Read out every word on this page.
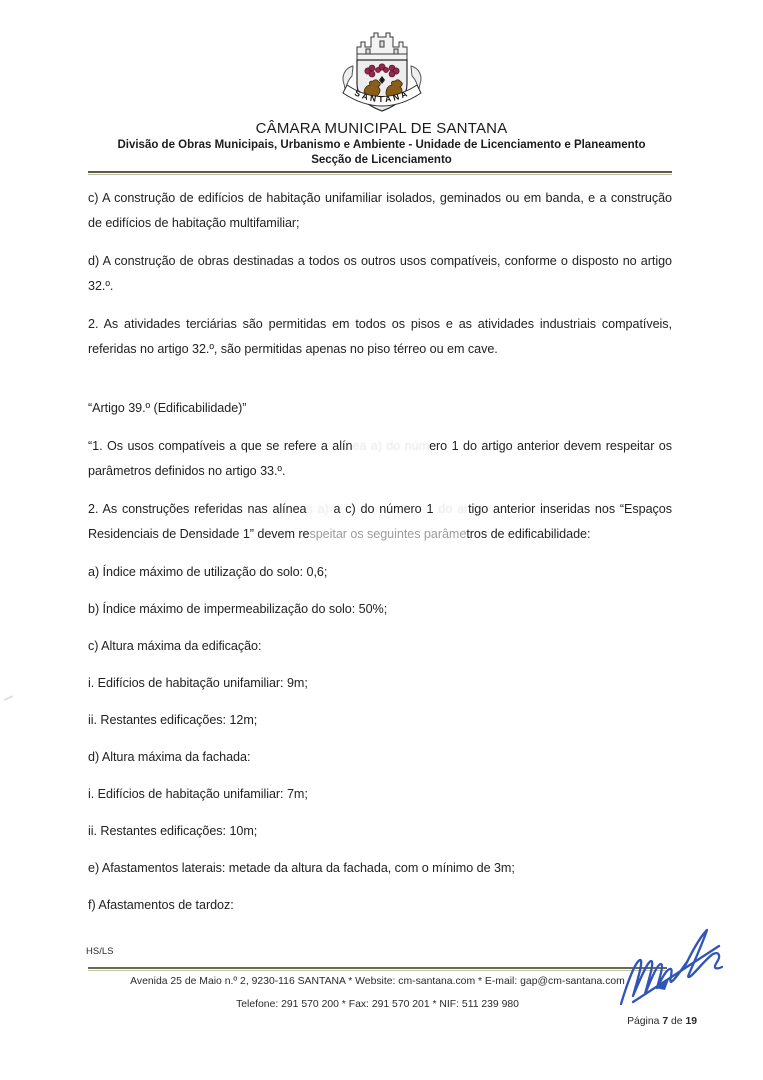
SANTANA
CÂMARA MUNICIPAL DE SANTANA
Divisão de Obras Municipais, Urbanismo e Ambiente - Unidade de Licenciamento e Planeamento
Secção de Licenciamento

c) A construção de edifícios de habitação unifamiliar isolados, geminados ou em banda, e a construção de edifícios de habitação multifamiliar;

d) A construção de obras destinadas a todos os outros usos compatíveis, conforme o disposto no artigo 32.º.

2. As atividades terciárias são permitidas em todos os pisos e as atividades industriais compatíveis, referidas no artigo 32.º, são permitidas apenas no piso térreo ou em cave.

“Artigo 39.º (Edificabilidade)”

“1. Os usos compatíveis a que se refere a alínea a) do número 1 do artigo anterior devem respeitar os parâmetros definidos no artigo 33.º.

2. As construções referidas nas alíneas a) a c) do número 1 do artigo anterior inseridas nos “Espaços Residenciais de Densidade 1” devem respeitar os seguintes parâmetros de edificabilidade:

a) Índice máximo de utilização do solo: 0,6;
b) Índice máximo de impermeabilização do solo: 50%;
c) Altura máxima da edificação:
i. Edifícios de habitação unifamiliar: 9m;
ii. Restantes edificações: 12m;
d) Altura máxima da fachada:
i. Edifícios de habitação unifamiliar: 7m;
ii. Restantes edificações: 10m;
e) Afastamentos laterais: metade da altura da fachada, com o mínimo de 3m;
f) Afastamentos de tardoz:
HS/LS
Avenida 25 de Maio n.º 2, 9230-116 SANTANA * Website: cm-santana.com * E-mail: gap@cm-santana.com
Telefone: 291 570 200 * Fax: 291 570 201 * NIF: 511 239 980
Página 7 de 19
